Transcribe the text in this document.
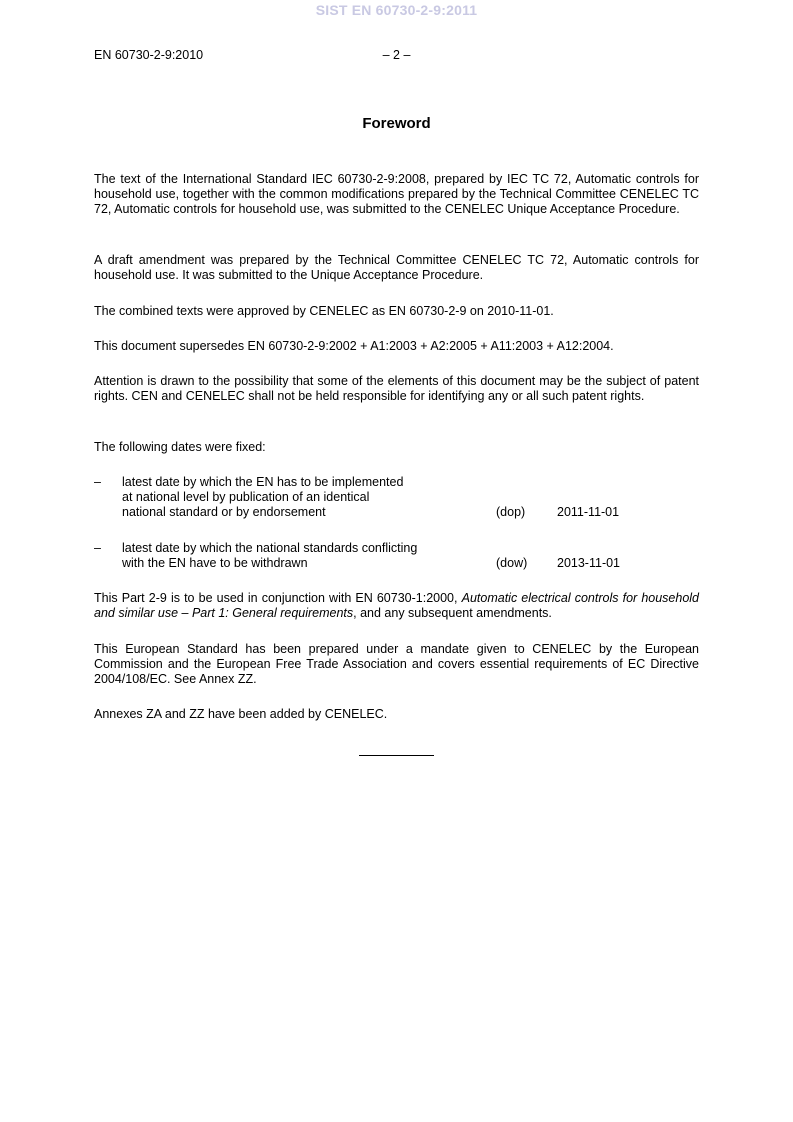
SIST EN 60730-2-9:2011
EN 60730-2-9:2010	– 2 –
Foreword

The text of the International Standard IEC 60730-2-9:2008, prepared by IEC TC 72, Automatic controls for household use, together with the common modifications prepared by the Technical Committee CENELEC TC 72, Automatic controls for household use, was submitted to the CENELEC Unique Acceptance Procedure.

A draft amendment was prepared by the Technical Committee CENELEC TC 72, Automatic controls for household use. It was submitted to the Unique Acceptance Procedure.

The combined texts were approved by CENELEC as EN 60730-2-9 on 2010-11-01.

This document supersedes EN 60730-2-9:2002 + A1:2003 + A2:2005 + A11:2003 + A12:2004.

Attention is drawn to the possibility that some of the elements of this document may be the subject of patent rights. CEN and CENELEC shall not be held responsible for identifying any or all such patent rights.

The following dates were fixed:

–	latest date by which the EN has to be implemented
at national level by publication of an identical
national standard or by endorsement	(dop)	2011-11-01
–	latest date by which the national standards conflicting
with the EN have to be withdrawn	(dow) 2013-11-01

This Part 2-9 is to be used in conjunction with EN 60730-1:2000, Automatic electrical controls for household and similar use – Part 1: General requirements, and any subsequent amendments.

This European Standard has been prepared under a mandate given to CENELEC by the European Commission and the European Free Trade Association and covers essential requirements of EC Directive 2004/108/EC. See Annex ZZ.

Annexes ZA and ZZ have been added by CENELEC.
